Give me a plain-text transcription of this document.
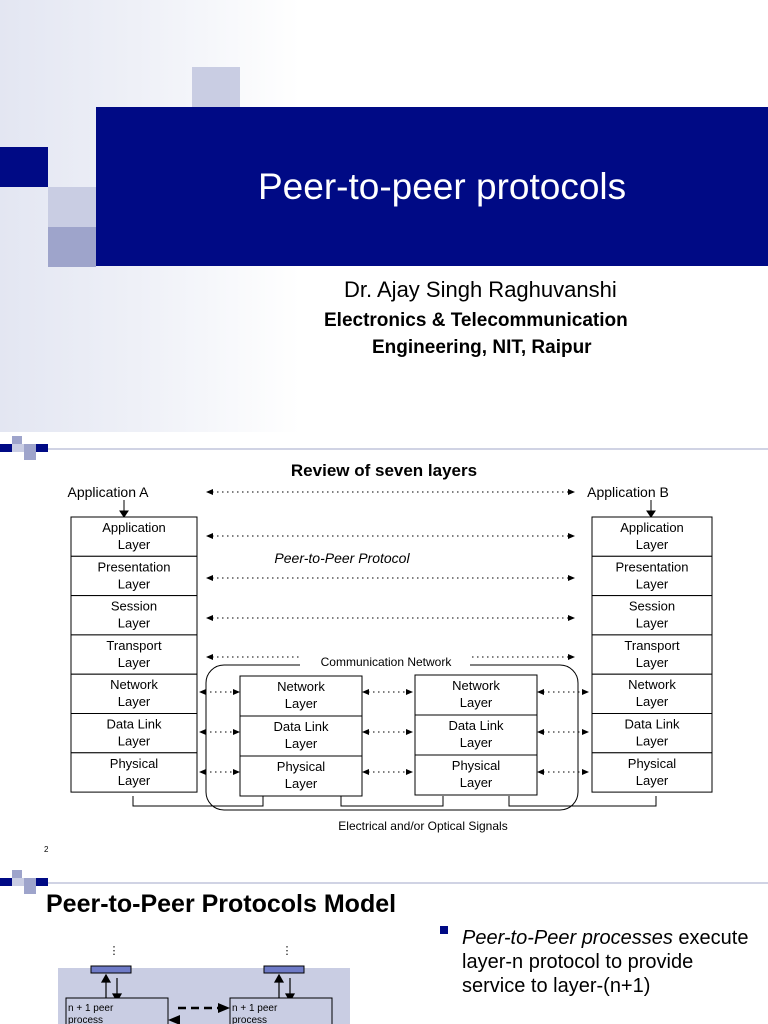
Peer-to-peer protocols
Dr. Ajay Singh Raghuvanshi
Electronics & Telecommunication
Engineering, NIT, Raipur
Review of seven layers
Application A	Application B
Application
Layer
Presentation
Layer
Session
Layer
Transport
Layer
Network
Layer
Data Link
Layer
Physical
Layer
Application
Layer
Presentation
Layer
Session
Layer
Transport
Layer
Network
Layer
Data Link
Layer
Physical
Layer
Network
Layer
Data Link
Layer
Physical
Layer
Network
Layer
Data Link
Layer
Physical
Layer
Communication Network
Peer-to-Peer Protocol
Electrical and/or Optical Signals
2
Peer-to-Peer Protocols Model
⋮	⋮
n + 1 peer
process
n + 1 peer
process
Peer-to-Peer processes execute layer-n protocol to provide service to layer-(n+1)
